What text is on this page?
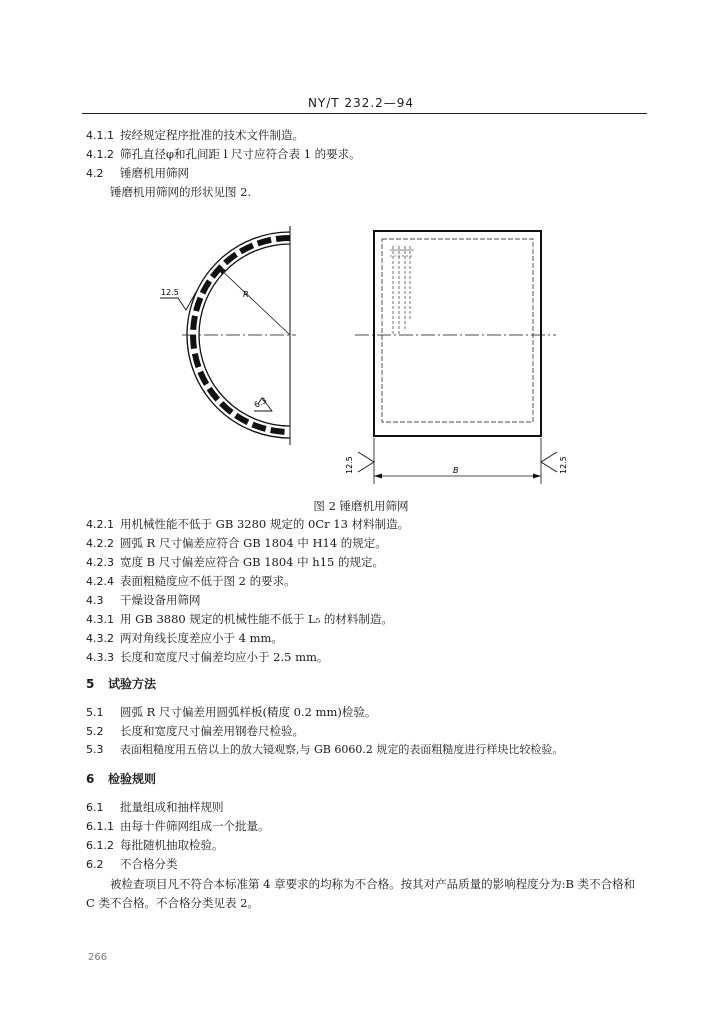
NY/T 232.2—94
4.1.1 按经规定程序批准的技术文件制造。
4.1.2 筛孔直径φ和孔间距 l 尺寸应符合表 1 的要求。
4.2 锤磨机用筛网
锤磨机用筛网的形状见图 2.
R
12.5
6.3
B
12.5	12.5
图 2 锤磨机用筛网
4.2.1 用机械性能不低于 GB 3280 规定的 0Cr 13 材料制造。
4.2.2 圆弧 R 尺寸偏差应符合 GB 1804 中 H14 的规定。
4.2.3 宽度 B 尺寸偏差应符合 GB 1804 中 h15 的规定。
4.2.4 表面粗糙度应不低于图 2 的要求。
4.3 干燥设备用筛网
4.3.1 用 GB 3880 规定的机械性能不低于 L₅ 的材料制造。
4.3.2 两对角线长度差应小于 4 mm。
4.3.3 长度和宽度尺寸偏差均应小于 2.5 mm。
5 试验方法
5.1 圆弧 R 尺寸偏差用圆弧样板(精度 0.2 mm)检验。
5.2 长度和宽度尺寸偏差用钢卷尺检验。
5.3 表面粗糙度用五倍以上的放大镜观察,与 GB 6060.2 规定的表面粗糙度进行样块比较检验。
6 检验规则
6.1 批量组成和抽样规则
6.1.1 由每十件筛网组成一个批量。
6.1.2 每批随机抽取检验。
6.2 不合格分类
被检查项目凡不符合本标准第 4 章要求的均称为不合格。按其对产品质量的影响程度分为:B 类不合格和 C 类不合格。不合格分类见表 2。
266
